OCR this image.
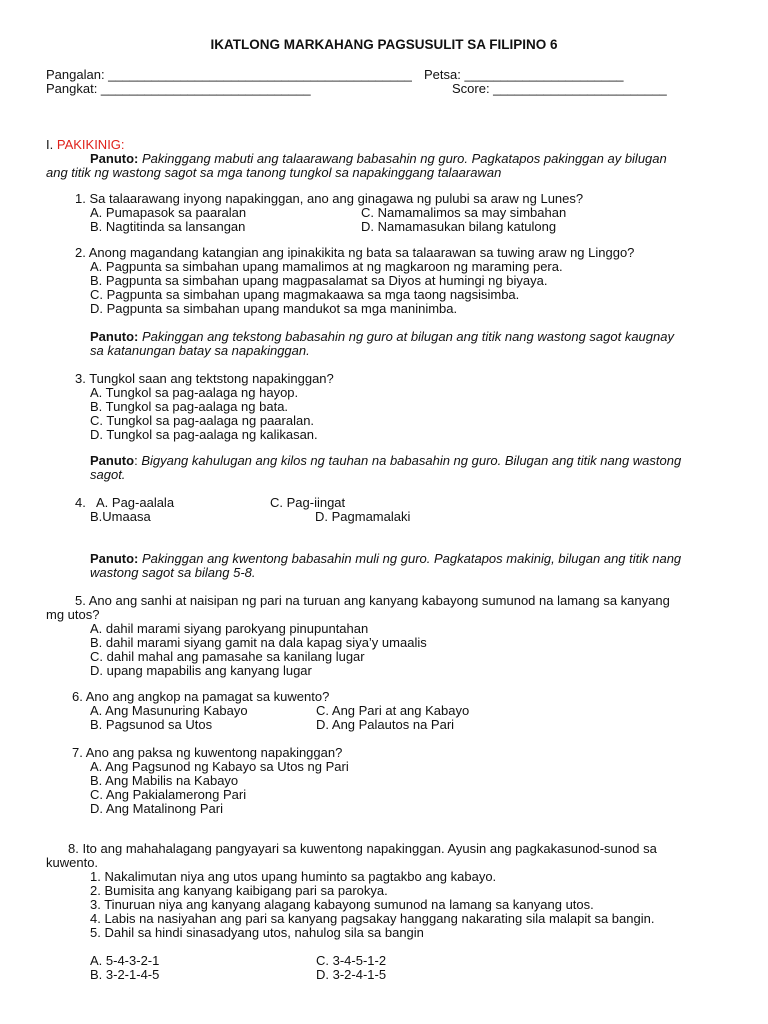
IKATLONG MARKAHANG PAGSUSULIT SA FILIPINO 6
Pangalan: __________________________________________ Petsa: ______________________
Pangkat: _____________________________	Score: ________________________
I. PAKIKINIG:
Panuto: Pakinggang mabuti ang talaarawang babasahin ng guro. Pagkatapos pakinggan ay bilugan
ang titik ng wastong sagot sa mga tanong tungkol sa napakinggang talaarawan
1. Sa talaarawang inyong napakinggan, ano ang ginagawa ng pulubi sa araw ng Lunes?
A. Pumapasok sa paaralan	C. Namamalimos sa may simbahan
B. Nagtitinda sa lansangan	D. Namamasukan bilang katulong
2. Anong magandang katangian ang ipinakikita ng bata sa talaarawan sa tuwing araw ng Linggo?
A. Pagpunta sa simbahan upang mamalimos at ng magkaroon ng maraming pera.
B. Pagpunta sa simbahan upang magpasalamat sa Diyos at humingi ng biyaya.
C. Pagpunta sa simbahan upang magmakaawa sa mga taong nagsisimba.
D. Pagpunta sa simbahan upang mandukot sa mga maninimba.
Panuto: Pakinggan ang tekstong babasahin ng guro at bilugan ang titik nang wastong sagot kaugnay
sa katanungan batay sa napakinggan.
3. Tungkol saan ang tektstong napakinggan?
A. Tungkol sa pag-aalaga ng hayop.
B. Tungkol sa pag-aalaga ng bata.
C. Tungkol sa pag-aalaga ng paaralan.
D. Tungkol sa pag-aalaga ng kalikasan.
Panuto: Bigyang kahulugan ang kilos ng tauhan na babasahin ng guro. Bilugan ang titik nang wastong
sagot.
4. A. Pag-aalala	C. Pag-iingat
B.Umaasa	D. Pagmamalaki
Panuto: Pakinggan ang kwentong babasahin muli ng guro. Pagkatapos makinig, bilugan ang titik nang
wastong sagot sa bilang 5-8.
5. Ano ang sanhi at naisipan ng pari na turuan ang kanyang kabayong sumunod na lamang sa kanyang
mg utos?
A. dahil marami siyang parokyang pinupuntahan
B. dahil marami siyang gamit na dala kapag siya’y umaalis
C. dahil mahal ang pamasahe sa kanilang lugar
D. upang mapabilis ang kanyang lugar
6. Ano ang angkop na pamagat sa kuwento?
A. Ang Masunuring Kabayo	C. Ang Pari at ang Kabayo
B. Pagsunod sa Utos	D. Ang Palautos na Pari
7. Ano ang paksa ng kuwentong napakinggan?
A. Ang Pagsunod ng Kabayo sa Utos ng Pari
B. Ang Mabilis na Kabayo
C. Ang Pakialamerong Pari
D. Ang Matalinong Pari
8. Ito ang mahahalagang pangyayari sa kuwentong napakinggan. Ayusin ang pagkakasunod-sunod sa
kuwento.
1. Nakalimutan niya ang utos upang huminto sa pagtakbo ang kabayo.
2. Bumisita ang kanyang kaibigang pari sa parokya.
3. Tinuruan niya ang kanyang alagang kabayong sumunod na lamang sa kanyang utos.
4. Labis na nasiyahan ang pari sa kanyang pagsakay hanggang nakarating sila malapit sa bangin.
5. Dahil sa hindi sinasadyang utos, nahulog sila sa bangin
A. 5-4-3-2-1	C. 3-4-5-1-2
B. 3-2-1-4-5	D. 3-2-4-1-5
